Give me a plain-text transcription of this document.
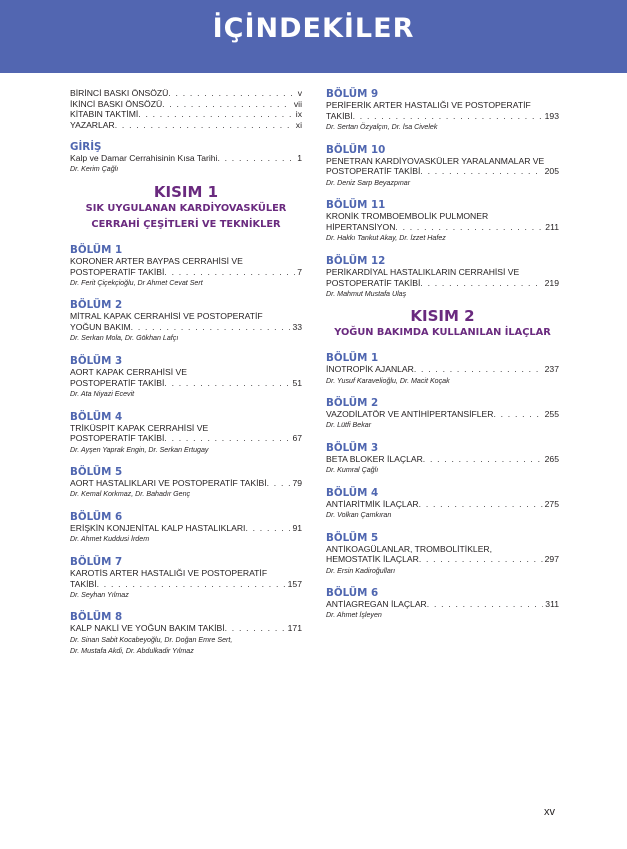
İÇİNDEKİLER
BİRİNCİ BASKI ÖNSÖZÜ . . .	v
İKİNCİ BASKI ÖNSÖZÜ . . .	vii
KİTABIN TAKTİMİ . . .	ix
YAZARLAR . . .	xi
GİRİŞ
Kalp ve Damar Cerrahisinin Kısa Tarihi . . .	1
Dr. Kerim Çağlı
KISIM 1
SIK UYGULANAN KARDİYOVASKÜLER
CERRAHİ ÇEŞİTLERİ VE TEKNİKLER
BÖLÜM 1
KORONER ARTER BAYPAS CERRAHİSİ VE
POSTOPERATİF TAKİBİ . . .	7
Dr. Ferit Çiçekçioğlu, Dr Ahmet Cevat Sert
BÖLÜM 2
MİTRAL KAPAK CERRAHİSİ VE POSTOPERATİF
YOĞUN BAKIM . . .	33
Dr. Serkan Mola, Dr. Gökhan Lafçı
BÖLÜM 3
AORT KAPAK CERRAHİSİ VE
POSTOPERATİF TAKİBİ . . .	51
Dr. Ata Niyazi Ecevit
BÖLÜM 4
TRİKÜSPİT KAPAK CERRAHİSİ VE
POSTOPERATİF TAKİBİ . . .	67
Dr. Ayşen Yaprak Engin, Dr. Serkan Ertugay
BÖLÜM 5
AORT HASTALIKLARI VE POSTOPERATİF TAKİBİ . . .	79
Dr. Kemal Korkmaz, Dr. Bahadır Genç
BÖLÜM 6
ERİŞKİN KONJENİTAL KALP HASTALIKLARI . . .	91
Dr. Ahmet Kuddusi İrdem
BÖLÜM 7
KAROTİS ARTER HASTALIĞI VE POSTOPERATİF
TAKİBİ . . .	157
Dr. Seyhan Yılmaz
BÖLÜM 8
KALP NAKLİ VE YOĞUN BAKIM TAKİBİ . . .	171
Dr. Sinan Sabit Kocabeyoğlu, Dr. Doğan Emre Sert,
Dr. Mustafa Akdi, Dr. Abdulkadir Yılmaz
BÖLÜM 9
PERİFERİK ARTER HASTALIĞI VE POSTOPERATİF
TAKİBİ . . .	193
Dr. Sertan Özyalçın, Dr. İsa Civelek
BÖLÜM 10
PENETRAN KARDİYOVASKÜLER YARALANMALAR VE
POSTOPERATİF TAKİBİ . . .	205
Dr. Deniz Sarp Beyazpınar
BÖLÜM 11
KRONİK TROMBOEMBOLİK PULMONER
HİPERTANSİYON . . .	211
Dr. Hakkı Tankut Akay, Dr. İzzet Hafez
BÖLÜM 12
PERİKARDİYAL HASTALIKLARIN CERRAHİSİ VE
POSTOPERATİF TAKİBİ . . .	219
Dr. Mahmut Mustafa Ulaş
KISIM 2
YOĞUN BAKIMDA KULLANILAN İLAÇLAR
BÖLÜM 1
İNOTROPİK AJANLAR . . .	237
Dr. Yusuf Karavelioğlu, Dr. Macit Koçak
BÖLÜM 2
VAZODİLATÖR VE ANTİHİPERTANSİFLER . . .	255
Dr. Lütfi Bekar
BÖLÜM 3
BETA BLOKER İLAÇLAR . . .	265
Dr. Kumral Çağlı
BÖLÜM 4
ANTİARİTMİK İLAÇLAR . . .	275
Dr. Volkan Çamkıran
BÖLÜM 5
ANTİKOAGÜLANLAR, TROMBOLİTİKLER,
HEMOSTATİK İLAÇLAR . . .	297
Dr. Ersin Kadiroğulları
BÖLÜM 6
ANTİAGREGAN İLAÇLAR . . .	311
Dr. Ahmet İşleyen
xv
